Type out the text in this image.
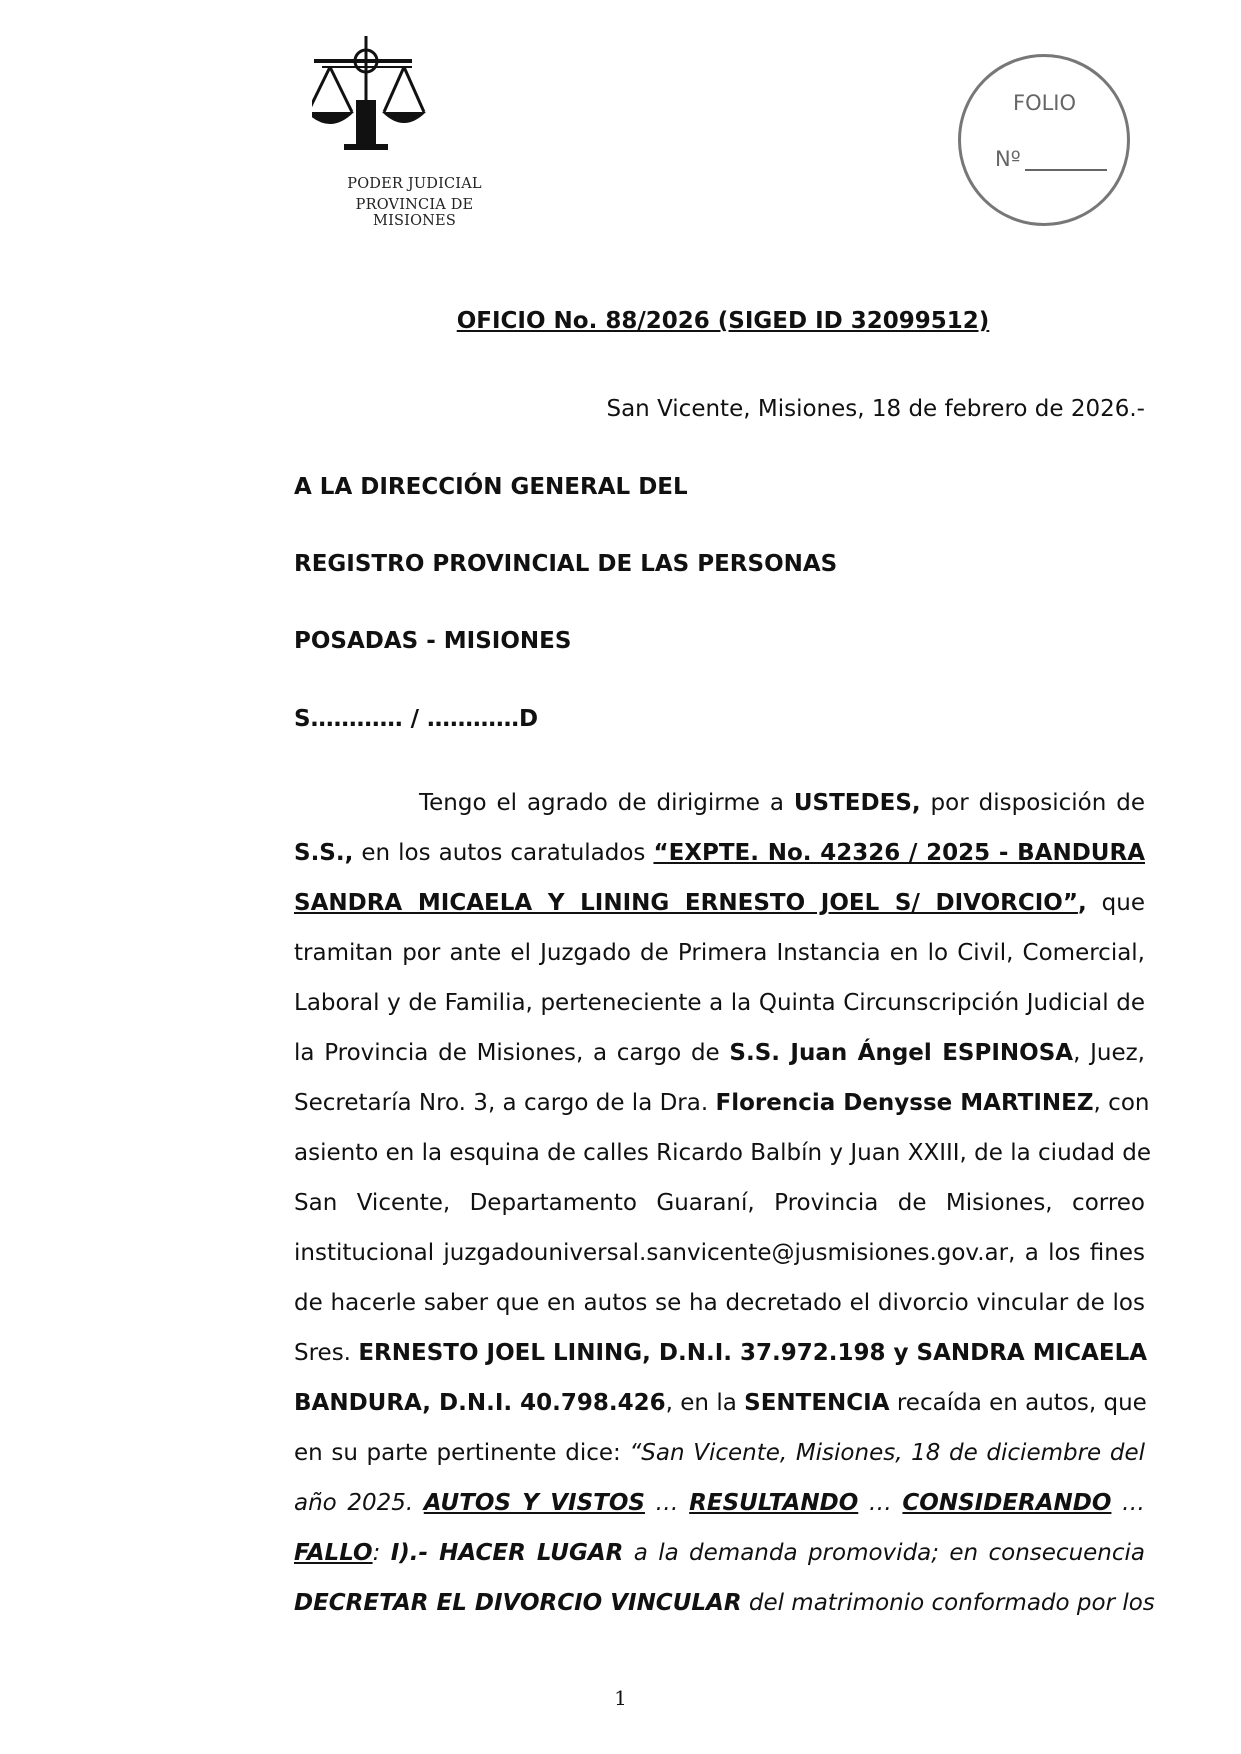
PODER JUDICIAL
PROVINCIA DE MISIONES
FOLIO
Nº
OFICIO No. 88/2026 (SIGED ID 32099512)
San Vicente, Misiones, 18 de febrero de 2026.-
A LA DIRECCIÓN GENERAL DEL
REGISTRO PROVINCIAL DE LAS PERSONAS
POSADAS - MISIONES
S………… / …………D
Tengo el agrado de dirigirme a USTEDES, por disposición de
S.S., en los autos caratulados “EXPTE. No. 42326 / 2025 - BANDURA
SANDRA MICAELA Y LINING ERNESTO JOEL S/ DIVORCIO”, que
tramitan por ante el Juzgado de Primera Instancia en lo Civil, Comercial,
Laboral y de Familia, perteneciente a la Quinta Circunscripción Judicial de
la Provincia de Misiones, a cargo de S.S. Juan Ángel ESPINOSA, Juez,
Secretaría Nro. 3, a cargo de la Dra. Florencia Denysse MARTINEZ, con
asiento en la esquina de calles Ricardo Balbín y Juan XXIII, de la ciudad de
San Vicente, Departamento Guaraní, Provincia de Misiones, correo
institucional juzgadouniversal.sanvicente@jusmisiones.gov.ar, a los fines
de hacerle saber que en autos se ha decretado el divorcio vincular de los
Sres. ERNESTO JOEL LINING, D.N.I. 37.972.198 y SANDRA MICAELA
BANDURA, D.N.I. 40.798.426, en la SENTENCIA recaída en autos, que
en su parte pertinente dice: “San Vicente, Misiones, 18 de diciembre del
año 2025. AUTOS Y VISTOS … RESULTANDO … CONSIDERANDO …
FALLO: I).- HACER LUGAR a la demanda promovida; en consecuencia
DECRETAR EL DIVORCIO VINCULAR del matrimonio conformado por los
1
